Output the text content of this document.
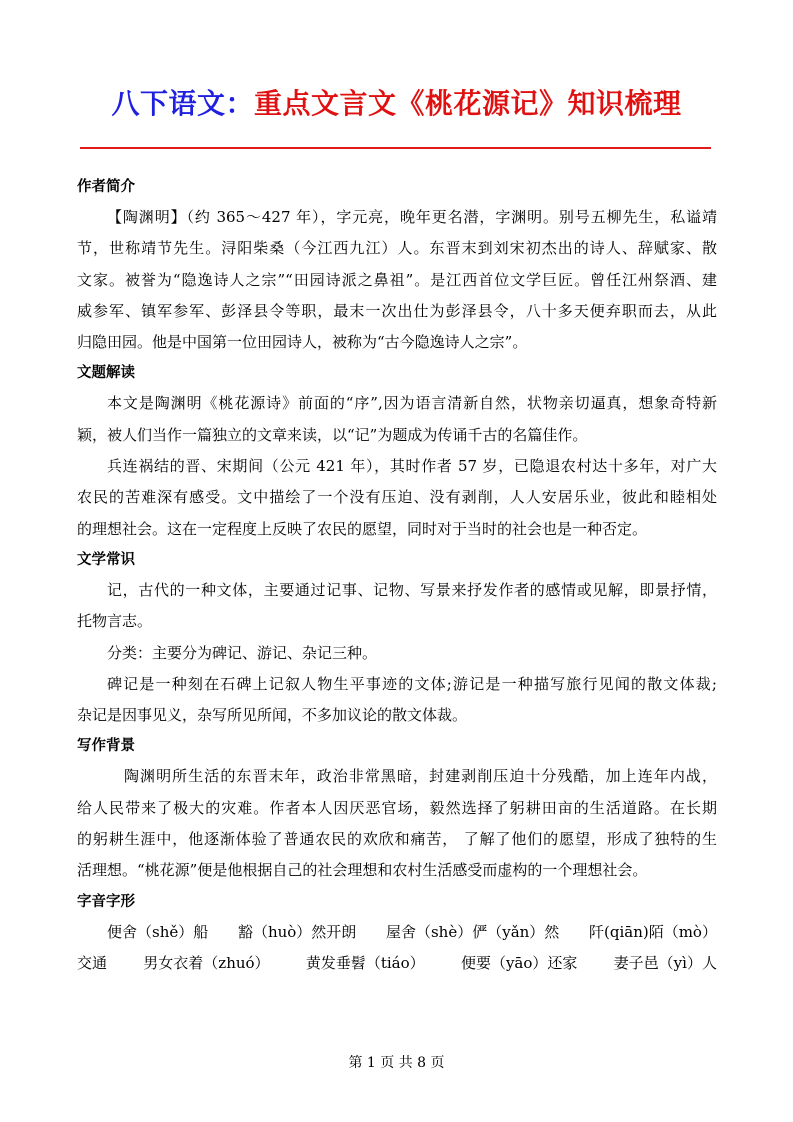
八下语文：重点文言文《桃花源记》知识梳理
作者简介
【陶渊明】（约 365～427 年），字元亮，晚年更名潜，字渊明。别号五柳先生，私谥靖
节，世称靖节先生。浔阳柴桑（今江西九江）人。东晋末到刘宋初杰出的诗人、辞赋家、散
文家。被誉为“隐逸诗人之宗”“田园诗派之鼻祖”。是江西首位文学巨匠。曾任江州祭酒、建
威参军、镇军参军、彭泽县令等职，最末一次出仕为彭泽县令，八十多天便弃职而去，从此
归隐田园。他是中国第一位田园诗人，被称为“古今隐逸诗人之宗”。
文题解读
本文是陶渊明《桃花源诗》前面的“序”,因为语言清新自然，状物亲切逼真，想象奇特新
颖，被人们当作一篇独立的文章来读，以“记”为题成为传诵千古的名篇佳作。
兵连祸结的晋、宋期间（公元 421 年），其时作者 57 岁，已隐退农村达十多年，对广大
农民的苦难深有感受。文中描绘了一个没有压迫、没有剥削，人人安居乐业，彼此和睦相处
的理想社会。这在一定程度上反映了农民的愿望，同时对于当时的社会也是一种否定。
文学常识
记，古代的一种文体，主要通过记事、记物、写景来抒发作者的感情或见解，即景抒情，
托物言志。
分类：主要分为碑记、游记、杂记三种。
碑记是一种刻在石碑上记叙人物生平事迹的文体;游记是一种描写旅行见闻的散文体裁;
杂记是因事见义，杂写所见所闻，不多加议论的散文体裁。
写作背景
陶渊明所生活的东晋末年，政治非常黑暗，封建剥削压迫十分残酷，加上连年内战，
给人民带来了极大的灾难。作者本人因厌恶官场，毅然选择了躬耕田亩的生活道路。在长期
的躬耕生涯中，他逐渐体验了普通农民的欢欣和痛苦， 了解了他们的愿望，形成了独特的生
活理想。“桃花源”便是他根据自己的社会理想和农村生活感受而虚构的一个理想社会。
字音字形
便舍（shě）船 豁（huò）然开朗 屋舍（shè）俨（yǎn）然 阡(qiān)陌（mò）
交通 男女衣着（zhuó） 黄发垂髫（tiáo） 便要（yāo）还家 妻子邑（yì）人
第 1 页 共 8 页
